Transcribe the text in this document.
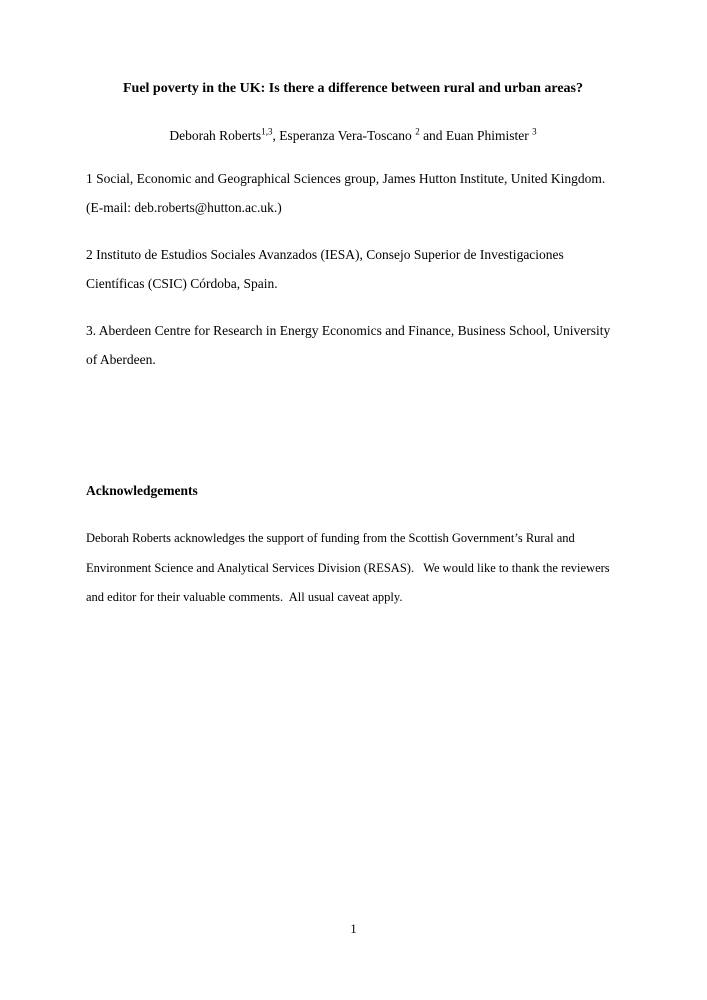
Fuel poverty in the UK: Is there a difference between rural and urban areas?

Deborah Roberts$^{1,3}$, Esperanza Vera-Toscano $^2$ and Euan Phimister $^3$

1 Social, Economic and Geographical Sciences group, James Hutton Institute, United Kingdom. (E-mail: deb.roberts@hutton.ac.uk.)

2 Instituto de Estudios Sociales Avanzados (IESA), Consejo Superior de Investigaciones Científicas (CSIC) Córdoba, Spain.

3. Aberdeen Centre for Research in Energy Economics and Finance, Business School, University of Aberdeen.

Acknowledgements

Deborah Roberts acknowledges the support of funding from the Scottish Government’s Rural and Environment Science and Analytical Services Division (RESAS).   We would like to thank the reviewers and editor for their valuable comments.  All usual caveat apply.

1
